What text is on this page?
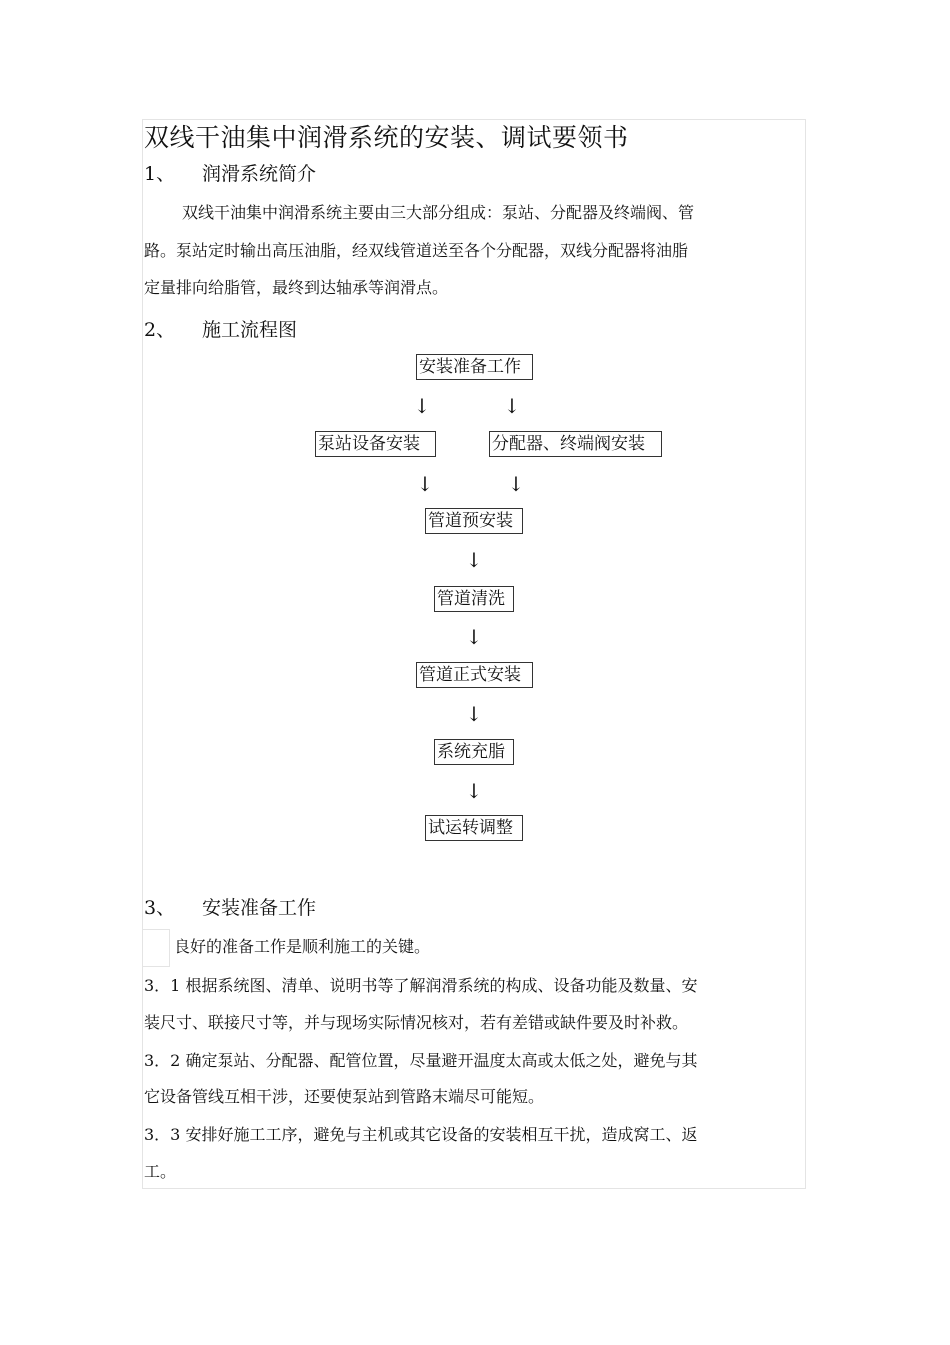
双线干油集中润滑系统的安装、调试要领书
1、 润滑系统简介
双线干油集中润滑系统主要由三大部分组成：泵站、分配器及终端阀、管
路。泵站定时输出高压油脂，经双线管道送至各个分配器，双线分配器将油脂
定量排向给脂管，最终到达轴承等润滑点。
2、 施工流程图
安装准备工作
↓	↓
泵站设备安装	分配器、终端阀安装
↓	↓
管道预安装
↓
管道清洗
↓
管道正式安装
↓
系统充脂
↓
试运转调整
3、 安装准备工作
良好的准备工作是顺利施工的关键。
3．1 根据系统图、清单、说明书等了解润滑系统的构成、设备功能及数量、安
装尺寸、联接尺寸等，并与现场实际情况核对，若有差错或缺件要及时补救。
3．2 确定泵站、分配器、配管位置，尽量避开温度太高或太低之处，避免与其
它设备管线互相干涉，还要使泵站到管路末端尽可能短。
3．3 安排好施工工序，避免与主机或其它设备的安装相互干扰，造成窝工、返
工。
